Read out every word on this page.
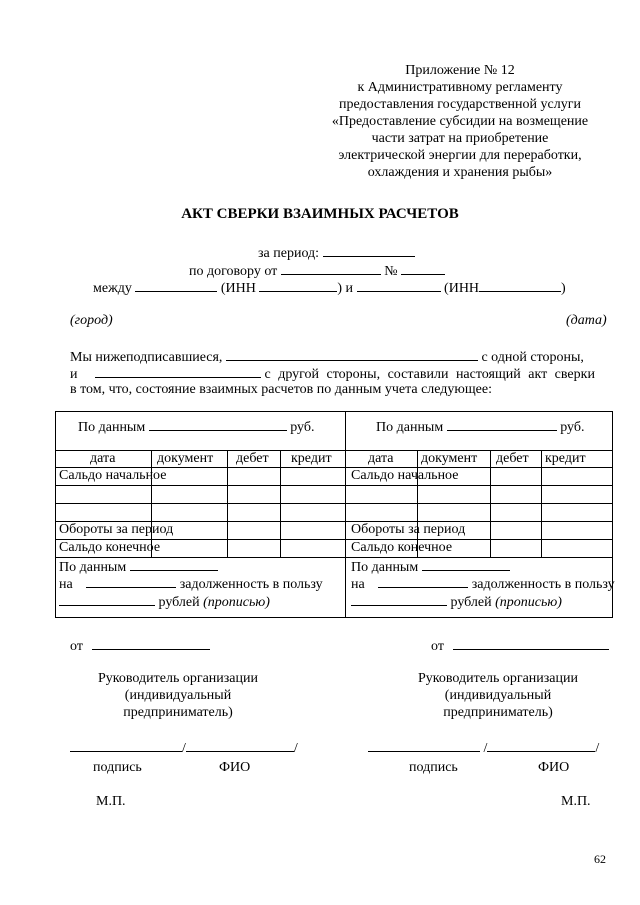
Приложение № 12
к Административному регламенту
предоставления государственной услуги
«Предоставление субсидии на возмещение
части затрат на приобретение
электрической энергии для переработки,
охлаждения и хранения рыбы»
АКТ СВЕРКИ ВЗАИМНЫХ РАСЧЕТОВ
за период:
по договору от	№
между	(ИНН	) и	(ИНН	)
(город)	(дата)
Мы нижеподписавшиеся,	с одной стороны,
и	с другой стороны, составили настоящий акт сверки
в том, что, состояние взаимных расчетов по данным учета следующее:
По данным	руб.	По данным	руб.
дата	документ дебет кредит	дата документ дебет кредит
Сальдо начальное	Сальдо начальное
Обороты за период	Обороты за период
Сальдо конечное	Сальдо конечное
По данным
на	задолженность в пользу
рублей (прописью)
По данным
на	задолженность в пользу
рублей (прописью)
от	от
Руководитель организации
(индивидуальный
предприниматель)
Руководитель организации
(индивидуальный
предприниматель)
/	/	/	/
подпись	ФИО	подпись	ФИО
М.П.	М.П.
62
